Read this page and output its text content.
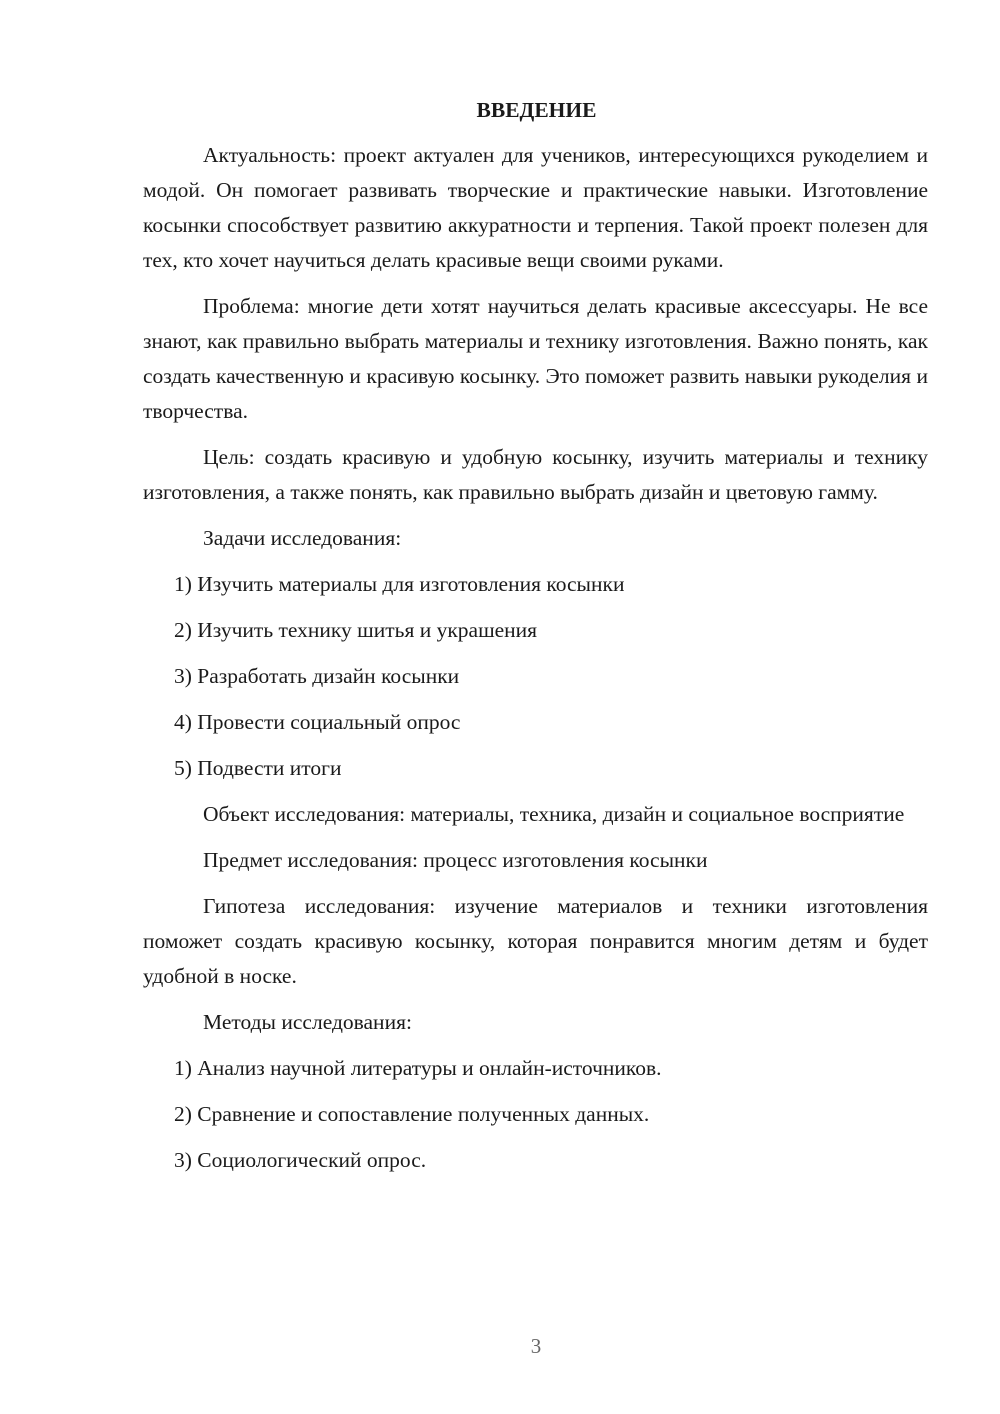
ВВЕДЕНИЕ

Актуальность: проект актуален для учеников, интересующихся рукоделием и модой. Он помогает развивать творческие и практические навыки. Изготовление косынки способствует развитию аккуратности и терпения. Такой проект полезен для тех, кто хочет научиться делать красивые вещи своими руками.

Проблема: многие дети хотят научиться делать красивые аксессуары. Не все знают, как правильно выбрать материалы и технику изготовления. Важно понять, как создать качественную и красивую косынку. Это поможет развить навыки рукоделия и творчества.

Цель: создать красивую и удобную косынку, изучить материалы и технику изготовления, а также понять, как правильно выбрать дизайн и цветовую гамму.

Задачи исследования:

1) Изучить материалы для изготовления косынки
2) Изучить технику шитья и украшения
3) Разработать дизайн косынки
4) Провести социальный опрос
5) Подвести итоги

Объект исследования: материалы, техника, дизайн и социальное восприятие

Предмет исследования: процесс изготовления косынки

Гипотеза исследования: изучение материалов и техники изготовления поможет создать красивую косынку, которая понравится многим детям и будет удобной в носке.

Методы исследования:

1) Анализ научной литературы и онлайн-источников.
2) Сравнение и сопоставление полученных данных.
3) Социологический опрос.
3
